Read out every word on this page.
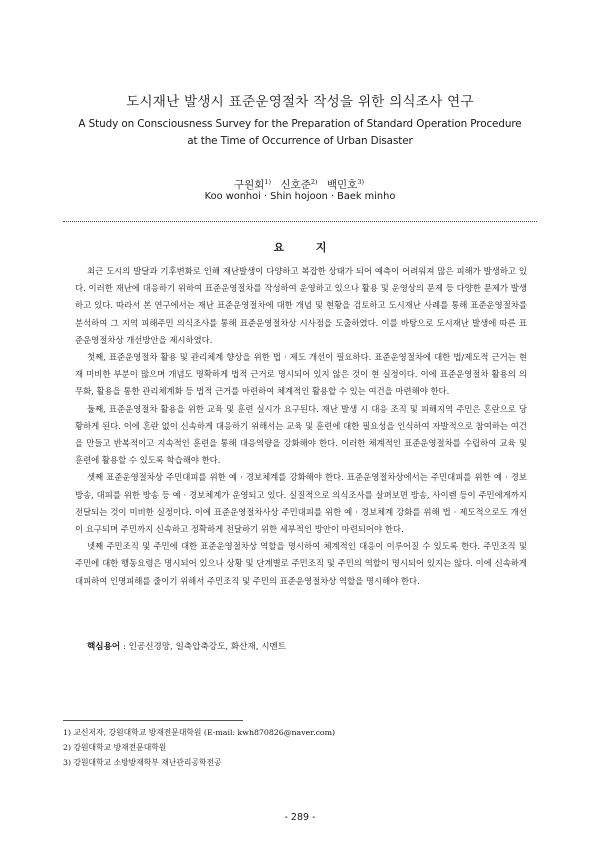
도시재난 발생시 표준운영절차 작성을 위한 의식조사 연구
A Study on Consciousness Survey for the Preparation of Standard Operation Procedure
at the Time of Occurrence of Urban Disaster
구원회$^{1)}$ 신호준$^{2)}$ 백민호$^{3)}$
Koo wonhoi · Shin hojoon · Baek minho
요 지

최근 도시의 발달과 기후변화로 인해 재난발생이 다양하고 복잡한 상태가 되어 예측이 어려워져 많은 피해가 발생하고 있다. 이러한 재난에 대응하기 위하여 표준운영절차를 작성하여 운영하고 있으나 활용 및 운영상의 문제 등 다양한 문제가 발생하고 있다. 따라서 본 연구에서는 재난 표준운영절차에 대한 개념 및 현황을 검토하고 도시재난 사례를 통해 표준운영절차를 분석하여 그 지역 피해주민 의식조사를 통해 표준운영절차상 시사점을 도출하였다. 이를 바탕으로 도시재난 발생에 따른 표준운영절차상 개선방안을 제시하였다.

첫째, 표준운영절차 활용 및 관리체계 향상을 위한 법 · 제도 개선이 필요하다. 표준운영절차에 대한 법/제도적 근거는 현재 미비한 부분이 많으며 개념도 명확하게 법적 근거로 명시되어 있지 않은 것이 현 실정이다. 이에 표준운영절차 활용의 의무화, 활용을 통한 관리체계화 등 법적 근거를 마련하여 체계적인 활용할 수 있는 여건을 마련해야 한다.

둘째, 표준운영절차 활용을 위한 교육 및 훈련 실시가 요구된다. 재난 발생 시 대응 조직 및 피해지역 주민은 혼란으로 당황하게 된다. 이에 혼란 없이 신속하게 대응하기 위해서는 교육 및 훈련에 대한 필요성을 인식하여 자발적으로 참여하는 여건을 만들고 반복적이고 지속적인 훈련을 통해 대응역량을 강화해야 한다. 이러한 체계적인 표준운영절차를 수립하여 교육 및 훈련에 활용할 수 있도록 학습해야 한다.

셋째 표준운영절차상 주민대피를 위한 예 · 경보체계를 강화해야 한다. 표준운영절차상에서는 주민대피를 위한 예 · 경보 방송, 대피를 위한 방송 등 예 · 경보체계가 운영되고 있다. 실질적으로 의식조사를 살펴보면 방송, 사이렌 등이 주민에게까지 전달되는 것이 미비한 실정이다. 이에 표준운영절차사상 주민대피를 위한 예 · 경보체계 강화를 위해 법 · 제도적으로도 개선이 요구되며 주민까지 신속하고 정확하게 전달하기 위한 세부적인 방안이 마련되어야 한다.

넷째 주민조직 및 주민에 대한 표준운영절차상 역할을 명시하여 체계적인 대응이 이루어질 수 있도록 한다. 주민조직 및 주민에 대한 행동요령은 명시되어 있으나 상황 및 단계별로 주민조직 및 주민의 역할이 명시되어 있지는 않다. 이에 신속하게 대피하여 인명피해를 줄이기 위해서 주민조직 및 주민의 표준운영절차상 역할을 명시해야 한다.

핵심용어 : 인공신경망, 일축압축강도, 화산재, 시멘트
1) 교신저자, 강원대학교 방재전문대학원 (E-mail: kwh870826@naver.com)
2) 강원대학교 방재전문대학원
3) 강원대학교 소방방재학부 재난관리공학전공
- 289 -
